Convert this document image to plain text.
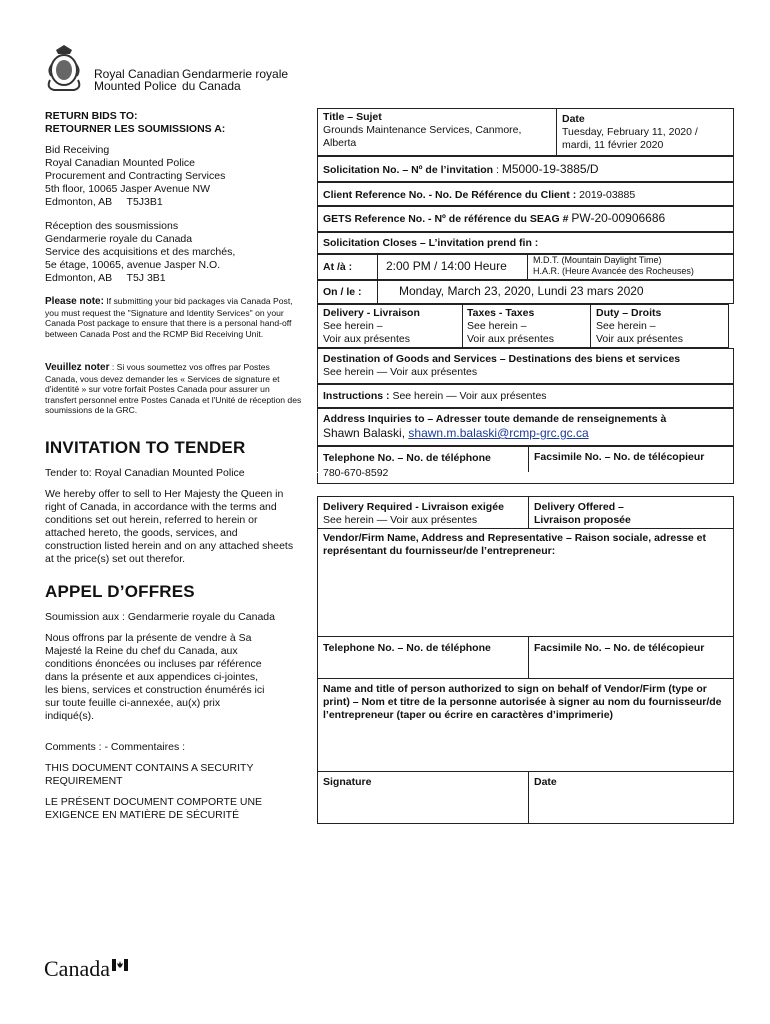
Royal Canadian
Mounted Police
Gendarmerie royale
du Canada
RETURN BIDS TO:
RETOURNER LES SOUMISSIONS A:
Bid Receiving
Royal Canadian Mounted Police
Procurement and Contracting Services
5th floor, 10065 Jasper Avenue NW
Edmonton, AB     T5J3B1
Réception des sousmissions
Gendarmerie royale du Canada
Service des acquisitions et des marchés,
5e étage, 10065, avenue Jasper N.O.
Edmonton, AB     T5J 3B1
Please note: If submitting your bid packages via Canada Post, you must request the "Signature and Identity Services" on your Canada Post package to ensure that there is a personal hand-off between Canada Post and the RCMP Bid Receiving Unit.
Veuillez noter : Si vous soumettez vos offres par Postes Canada, vous devez demander les « Services de signature et d'identité » sur votre forfait Postes Canada pour assurer un transfert personnel entre Postes Canada et l'Unité de réception des soumissions de la GRC.
INVITATION TO TENDER
Tender to: Royal Canadian Mounted Police
We hereby offer to sell to Her Majesty the Queen in right of Canada, in accordance with the terms and conditions set out herein, referred to herein or attached hereto, the goods, services, and construction listed herein and on any attached sheets at the price(s) set out therefor.
APPEL D’OFFRES
Soumission aux : Gendarmerie royale du Canada
Nous offrons par la présente de vendre à Sa Majesté la Reine du chef du Canada, aux conditions énoncées ou incluses par référence dans la présente et aux appendices ci-jointes, les biens, services et construction énumérés ici sur toute feuille ci-annexée, au(x) prix indiqué(s).
Comments : - Commentaires :
THIS DOCUMENT CONTAINS A SECURITY REQUIREMENT
LE PRÉSENT DOCUMENT COMPORTE UNE EXIGENCE EN MATIÈRE DE SÉCURITÉ
Title – Sujet
Grounds Maintenance Services, Canmore, Alberta
Date
Tuesday, February 11, 2020 / mardi, 11 février 2020
Solicitation No. – Nº de l’invitation : M5000-19-3885/D
Client Reference No. - No. De Référence du Client : 2019-03885
GETS Reference No. - Nº de référence du SEAG # PW-20-00906686
Solicitation Closes – L’invitation prend fin :
At /à :	2:00 PM / 14:00 Heure	M.D.T. (Mountain Daylight Time)
H.A.R. (Heure Avancée des Rocheuses)
On / le :	Monday, March 23, 2020, Lundi 23 mars 2020
Delivery - Livraison
See herein –
Voir aux présentes
Taxes - Taxes
See herein –
Voir aux présentes
Duty – Droits
See herein –
Voir aux présentes
Destination of Goods and Services – Destinations des biens et services
See herein — Voir aux présentes
Instructions : See herein — Voir aux présentes
Address Inquiries to – Adresser toute demande de renseignements à
Shawn Balaski, shawn.m.balaski@rcmp-grc.gc.ca
Telephone No. – No. de téléphone
780-670-8592
Facsimile No. – No. de télécopieur
Delivery Required - Livraison exigée
See herein — Voir aux présentes
Delivery Offered –
Livraison proposée
Vendor/Firm Name, Address and Representative – Raison sociale, adresse et représentant du fournisseur/de l’entrepreneur:
Telephone No. – No. de téléphone	Facsimile No. – No. de télécopieur
Name and title of person authorized to sign on behalf of Vendor/Firm (type or print) – Nom et titre de la personne autorisée à signer au nom du fournisseur/de l’entrepreneur (taper ou écrire en caractères d’imprimerie)
Signature	Date
Canada
